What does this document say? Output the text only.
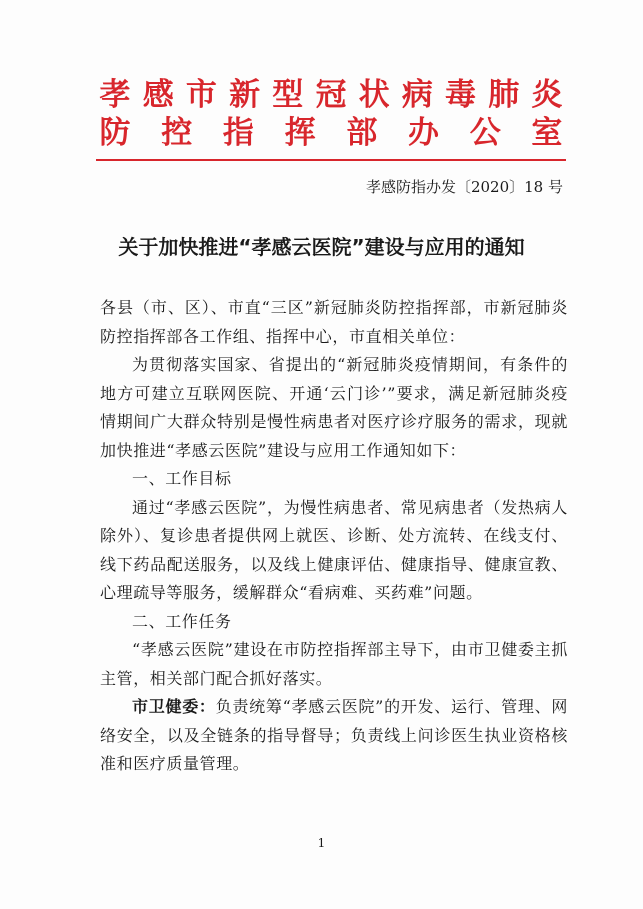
孝 感 市 新 型 冠 状 病 毒 肺 炎
防 控 指 挥 部 办 公 室
孝感防指办发〔2020〕18 号
关于加快推进“孝感云医院”建设与应用的通知

各县（市、区）、市直“三区”新冠肺炎防控指挥部，市新冠肺炎防控指挥部各工作组、指挥中心，市直相关单位：

为贯彻落实国家、省提出的“新冠肺炎疫情期间，有条件的地方可建立互联网医院、开通‘云门诊’”要求，满足新冠肺炎疫情期间广大群众特别是慢性病患者对医疗诊疗服务的需求，现就加快推进“孝感云医院”建设与应用工作通知如下：

一、工作目标

通过“孝感云医院”，为慢性病患者、常见病患者（发热病人除外）、复诊患者提供网上就医、诊断、处方流转、在线支付、线下药品配送服务，以及线上健康评估、健康指导、健康宣教、心理疏导等服务，缓解群众“看病难、买药难”问题。

二、工作任务

“孝感云医院”建设在市防控指挥部主导下，由市卫健委主抓主管，相关部门配合抓好落实。

市卫健委：负责统筹“孝感云医院”的开发、运行、管理、网络安全，以及全链条的指导督导；负责线上问诊医生执业资格核准和医疗质量管理。

1
